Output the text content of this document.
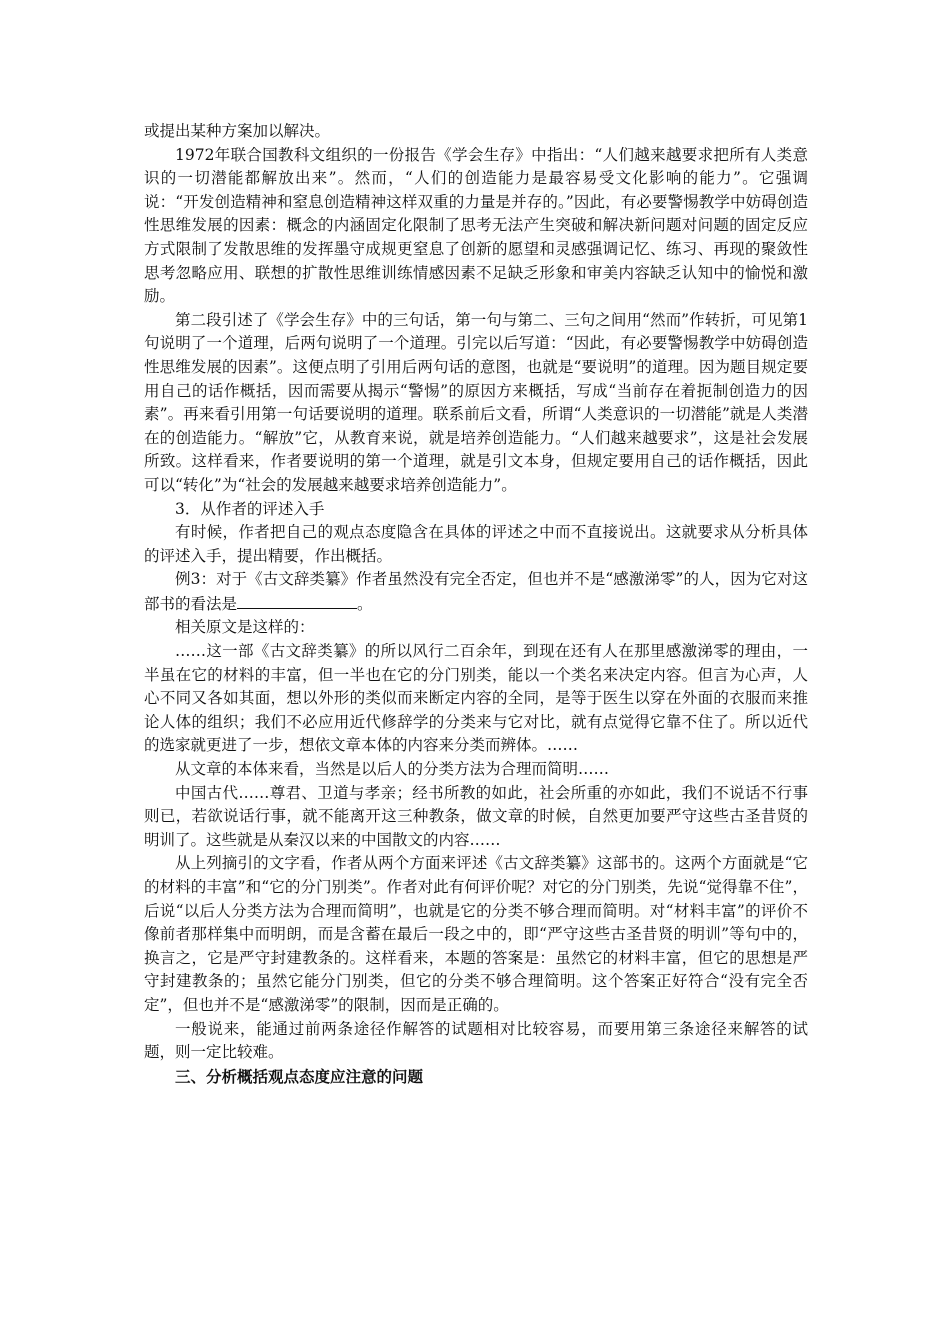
或提出某种方案加以解决。

1972年联合国教科文组织的一份报告《学会生存》中指出：“人们越来越要求把所有人类意识的一切潜能都解放出来”。然而，“人们的创造能力是最容易受文化影响的能力”。它强调说：“开发创造精神和窒息创造精神这样双重的力量是并存的。”因此，有必要警惕教学中妨碍创造性思维发展的因素：概念的内涵固定化限制了思考无法产生突破和解决新问题对问题的固定反应方式限制了发散思维的发挥墨守成规更窒息了创新的愿望和灵感强调记忆、练习、再现的聚敛性思考忽略应用、联想的扩散性思维训练情感因素不足缺乏形象和审美内容缺乏认知中的愉悦和激励。

第二段引述了《学会生存》中的三句话，第一句与第二、三句之间用“然而”作转折，可见第1句说明了一个道理，后两句说明了一个道理。引完以后写道：“因此，有必要警惕教学中妨碍创造性思维发展的因素”。这便点明了引用后两句话的意图，也就是“要说明”的道理。因为题目规定要用自己的话作概括，因而需要从揭示“警惕”的原因方来概括，写成“当前存在着扼制创造力的因素”。再来看引用第一句话要说明的道理。联系前后文看，所谓“人类意识的一切潜能”就是人类潜在的创造能力。“解放”它，从教育来说，就是培养创造能力。“人们越来越要求”，这是社会发展所致。这样看来，作者要说明的第一个道理，就是引文本身，但规定要用自己的话作概括，因此可以“转化”为“社会的发展越来越要求培养创造能力”。

3．从作者的评述入手

有时候，作者把自己的观点态度隐含在具体的评述之中而不直接说出。这就要求从分析具体的评述入手，提出精要，作出概括。

例3：对于《古文辞类纂》作者虽然没有完全否定，但也并不是“感激涕零”的人，因为它对这部书的看法是	。

相关原文是这样的：

……这一部《古文辞类纂》的所以风行二百余年，到现在还有人在那里感激涕零的理由，一半虽在它的材料的丰富，但一半也在它的分门别类，能以一个类名来决定内容。但言为心声，人心不同又各如其面，想以外形的类似而来断定内容的全同，是等于医生以穿在外面的衣服而来推论人体的组织；我们不必应用近代修辞学的分类来与它对比，就有点觉得它靠不住了。所以近代的选家就更进了一步，想依文章本体的内容来分类而辨体。……

从文章的本体来看，当然是以后人的分类方法为合理而简明……

中国古代……尊君、卫道与孝亲；经书所教的如此，社会所重的亦如此，我们不说话不行事则已，若欲说话行事，就不能离开这三种教条，做文章的时候，自然更加要严守这些古圣昔贤的明训了。这些就是从秦汉以来的中国散文的内容……

从上列摘引的文字看，作者从两个方面来评述《古文辞类纂》这部书的。这两个方面就是“它的材料的丰富”和“它的分门别类”。作者对此有何评价呢？对它的分门别类，先说“觉得靠不住”，后说“以后人分类方法为合理而简明”，也就是它的分类不够合理而简明。对“材料丰富”的评价不像前者那样集中而明朗，而是含蓄在最后一段之中的，即“严守这些古圣昔贤的明训”等句中的，换言之，它是严守封建教条的。这样看来，本题的答案是：虽然它的材料丰富，但它的思想是严守封建教条的；虽然它能分门别类，但它的分类不够合理简明。这个答案正好符合“没有完全否定”，但也并不是“感激涕零”的限制，因而是正确的。

一般说来，能通过前两条途径作解答的试题相对比较容易，而要用第三条途径来解答的试题，则一定比较难。

三、分析概括观点态度应注意的问题
